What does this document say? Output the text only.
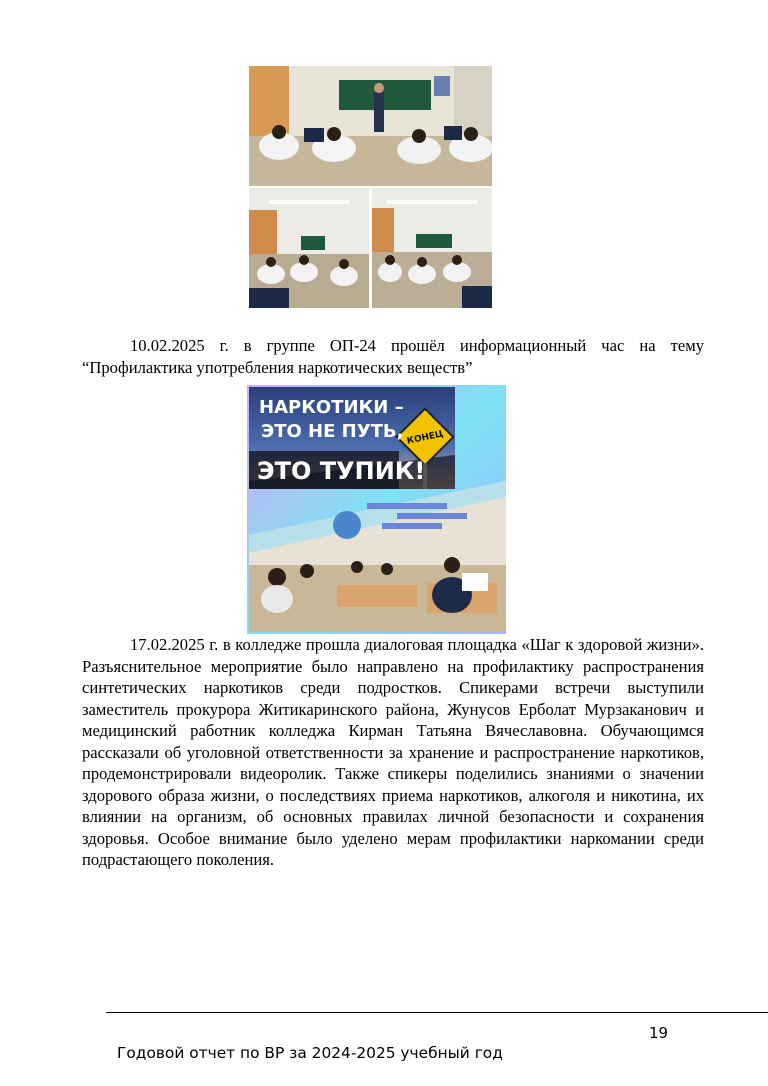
10.02.2025 г. в группе ОП-24 прошёл информационный час на тему “Профилактика употребления наркотических веществ”

НАРКОТИКИ –
ЭТО НЕ ПУТЬ,
ЭТО ТУПИК!
КОНЕЦ

17.02.2025 г. в колледже прошла диалоговая площадка «Шаг к здоровой жизни». Разъяснительное мероприятие было направлено на профилактику распространения синтетических наркотиков среди подростков. Спикерами встречи выступили заместитель прокурора Житикаринского района, Жунусов Ерболат Мурзаканович и медицинский работник колледжа Кирман Татьяна Вячеславовна. Обучающимся рассказали об уголовной ответственности за хранение и распространение наркотиков, продемонстрировали видеоролик. Также спикеры поделились знаниями о значении здорового образа жизни, о последствиях приема наркотиков, алкоголя и никотина, их влиянии на организм, об основных правилах личной безопасности и сохранения здоровья. Особое внимание было уделено мерам профилактики наркомании среди подрастающего поколения.

19
Годовой отчет по ВР за 2024-2025 учебный год
